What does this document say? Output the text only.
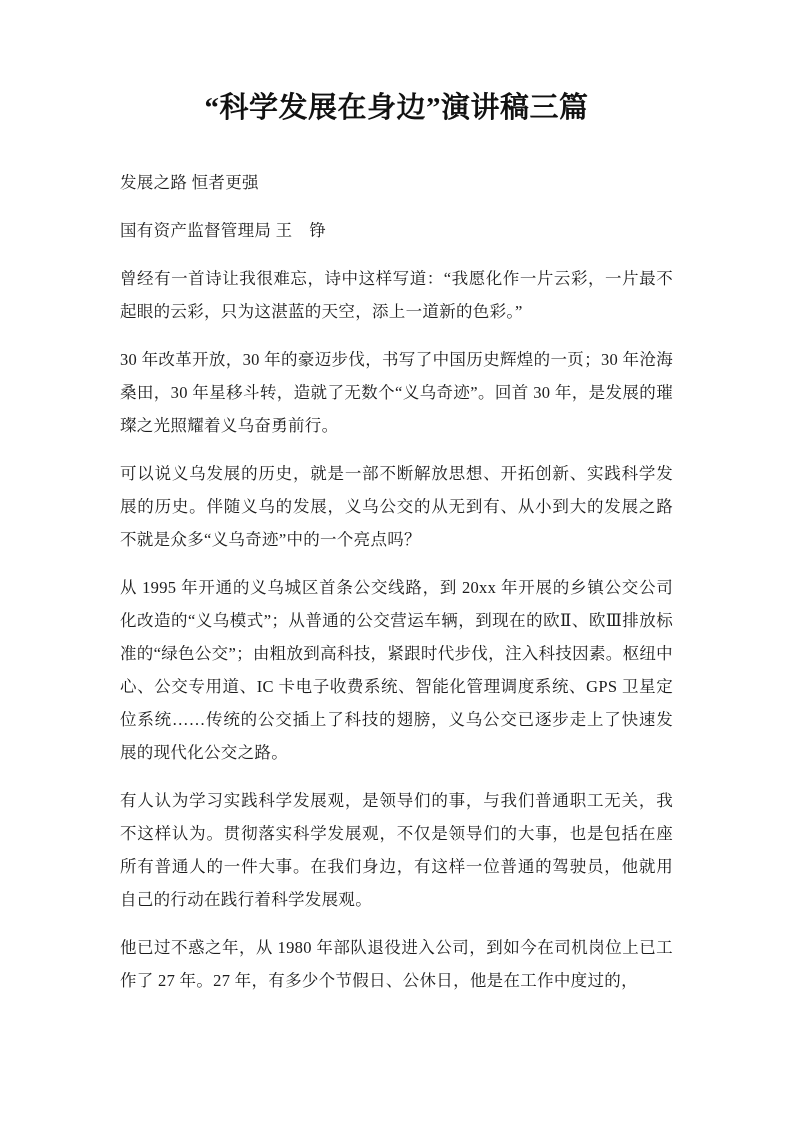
“科学发展在身边”演讲稿三篇

发展之路 恒者更强

国有资产监督管理局 王　铮

曾经有一首诗让我很难忘，诗中这样写道：“我愿化作一片云彩，一片最不起眼的云彩，只为这湛蓝的天空，添上一道新的色彩。”

30 年改革开放，30 年的豪迈步伐，书写了中国历史辉煌的一页；30 年沧海桑田，30 年星移斗转，造就了无数个“义乌奇迹”。回首 30 年，是发展的璀璨之光照耀着义乌奋勇前行。

可以说义乌发展的历史，就是一部不断解放思想、开拓创新、实践科学发展的历史。伴随义乌的发展，义乌公交的从无到有、从小到大的发展之路不就是众多“义乌奇迹”中的一个亮点吗？

从 1995 年开通的义乌城区首条公交线路，到 20xx 年开展的乡镇公交公司化改造的“义乌模式”；从普通的公交营运车辆，到现在的欧Ⅱ、欧Ⅲ排放标准的“绿色公交”；由粗放到高科技，紧跟时代步伐，注入科技因素。枢纽中心、公交专用道、IC 卡电子收费系统、智能化管理调度系统、GPS 卫星定位系统……传统的公交插上了科技的翅膀，义乌公交已逐步走上了快速发展的现代化公交之路。

有人认为学习实践科学发展观，是领导们的事，与我们普通职工无关，我不这样认为。贯彻落实科学发展观，不仅是领导们的大事，也是包括在座所有普通人的一件大事。在我们身边，有这样一位普通的驾驶员，他就用自己的行动在践行着科学发展观。

他已过不惑之年，从 1980 年部队退役进入公司，到如今在司机岗位上已工作了 27 年。27 年，有多少个节假日、公休日，他是在工作中度过的，
